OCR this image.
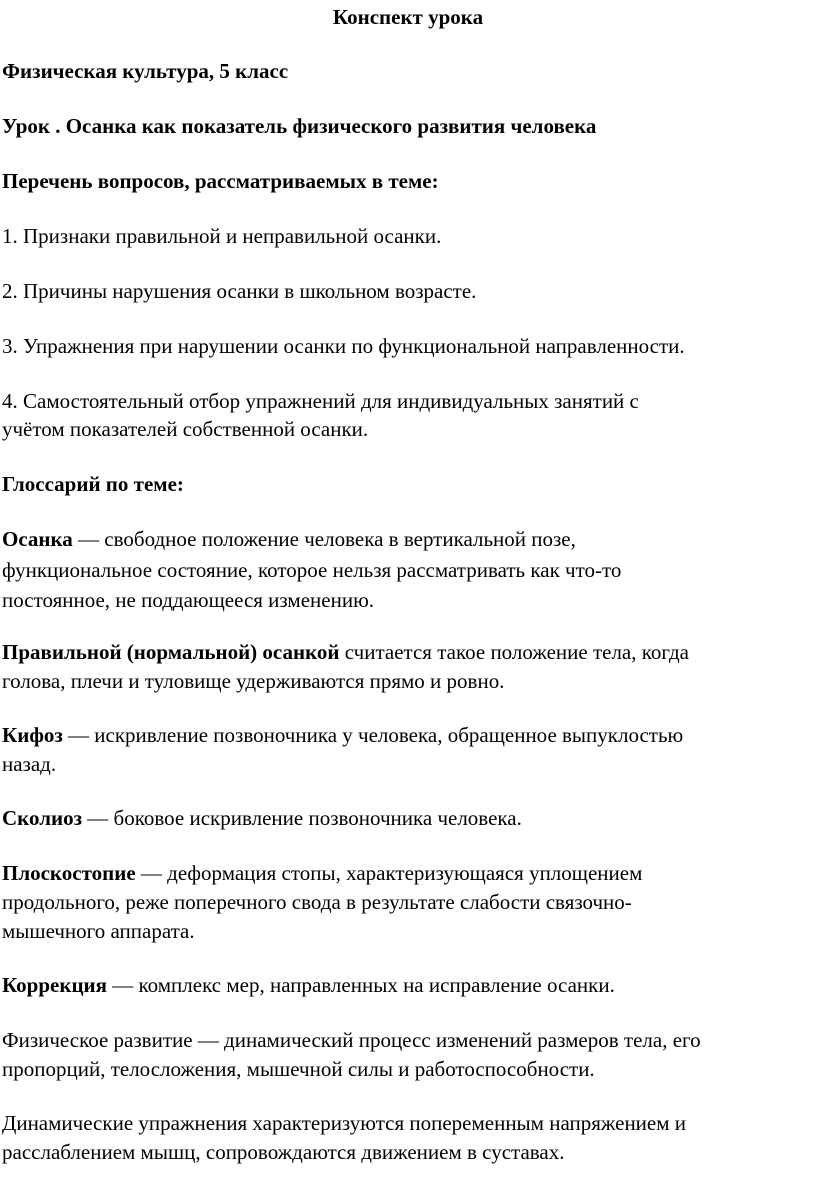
Конспект урока
Физическая культура, 5 класс
Урок . Осанка как показатель физического развития человека
Перечень вопросов, рассматриваемых в теме:
1. Признаки правильной и неправильной осанки.
2. Причины нарушения осанки в школьном возрасте.
3. Упражнения при нарушении осанки по функциональной направленности.
4. Самостоятельный отбор упражнений для индивидуальных занятий с
учётом показателей собственной осанки.
Глоссарий по теме:
Осанка — свободное положение человека в вертикальной позе,
функциональное состояние, которое нельзя рассматривать как что-то
постоянное, не поддающееся изменению.
Правильной (нормальной) осанкой считается такое положение тела, когда
голова, плечи и туловище удерживаются прямо и ровно.
Кифоз — искривление позвоночника у человека, обращенное выпуклостью
назад.
Сколиоз — боковое искривление позвоночника человека.
Плоскостопие — деформация стопы, характеризующаяся уплощением
продольного, реже поперечного свода в результате слабости связочно-
мышечного аппарата.
Коррекция — комплекс мер, направленных на исправление осанки.
Физическое развитие — динамический процесс изменений размеров тела, его
пропорций, телосложения, мышечной силы и работоспособности.
Динамические упражнения характеризуются попеременным напряжением и
расслаблением мышц, сопровождаются движением в суставах.
